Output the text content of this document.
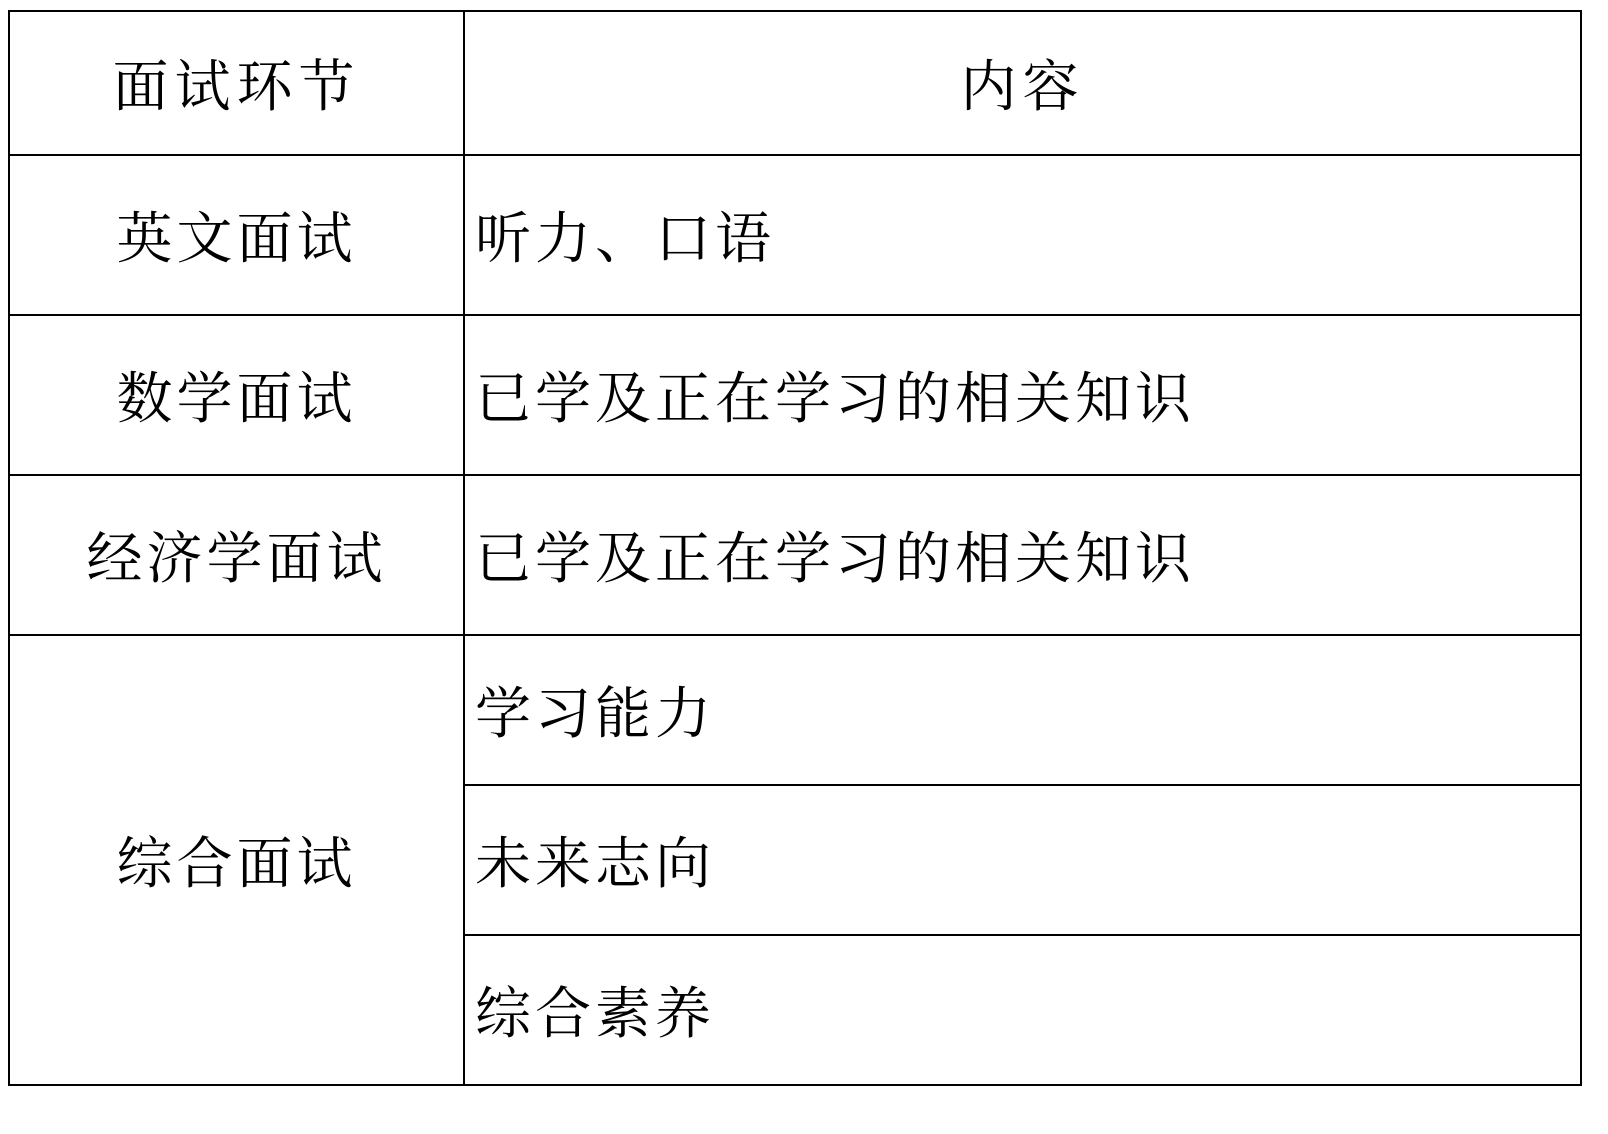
面试环节	内容
英文面试	听力、口语
数学面试	已学及正在学习的相关知识
经济学面试	已学及正在学习的相关知识
综合面试	学习能力
	未来志向
	综合素养
